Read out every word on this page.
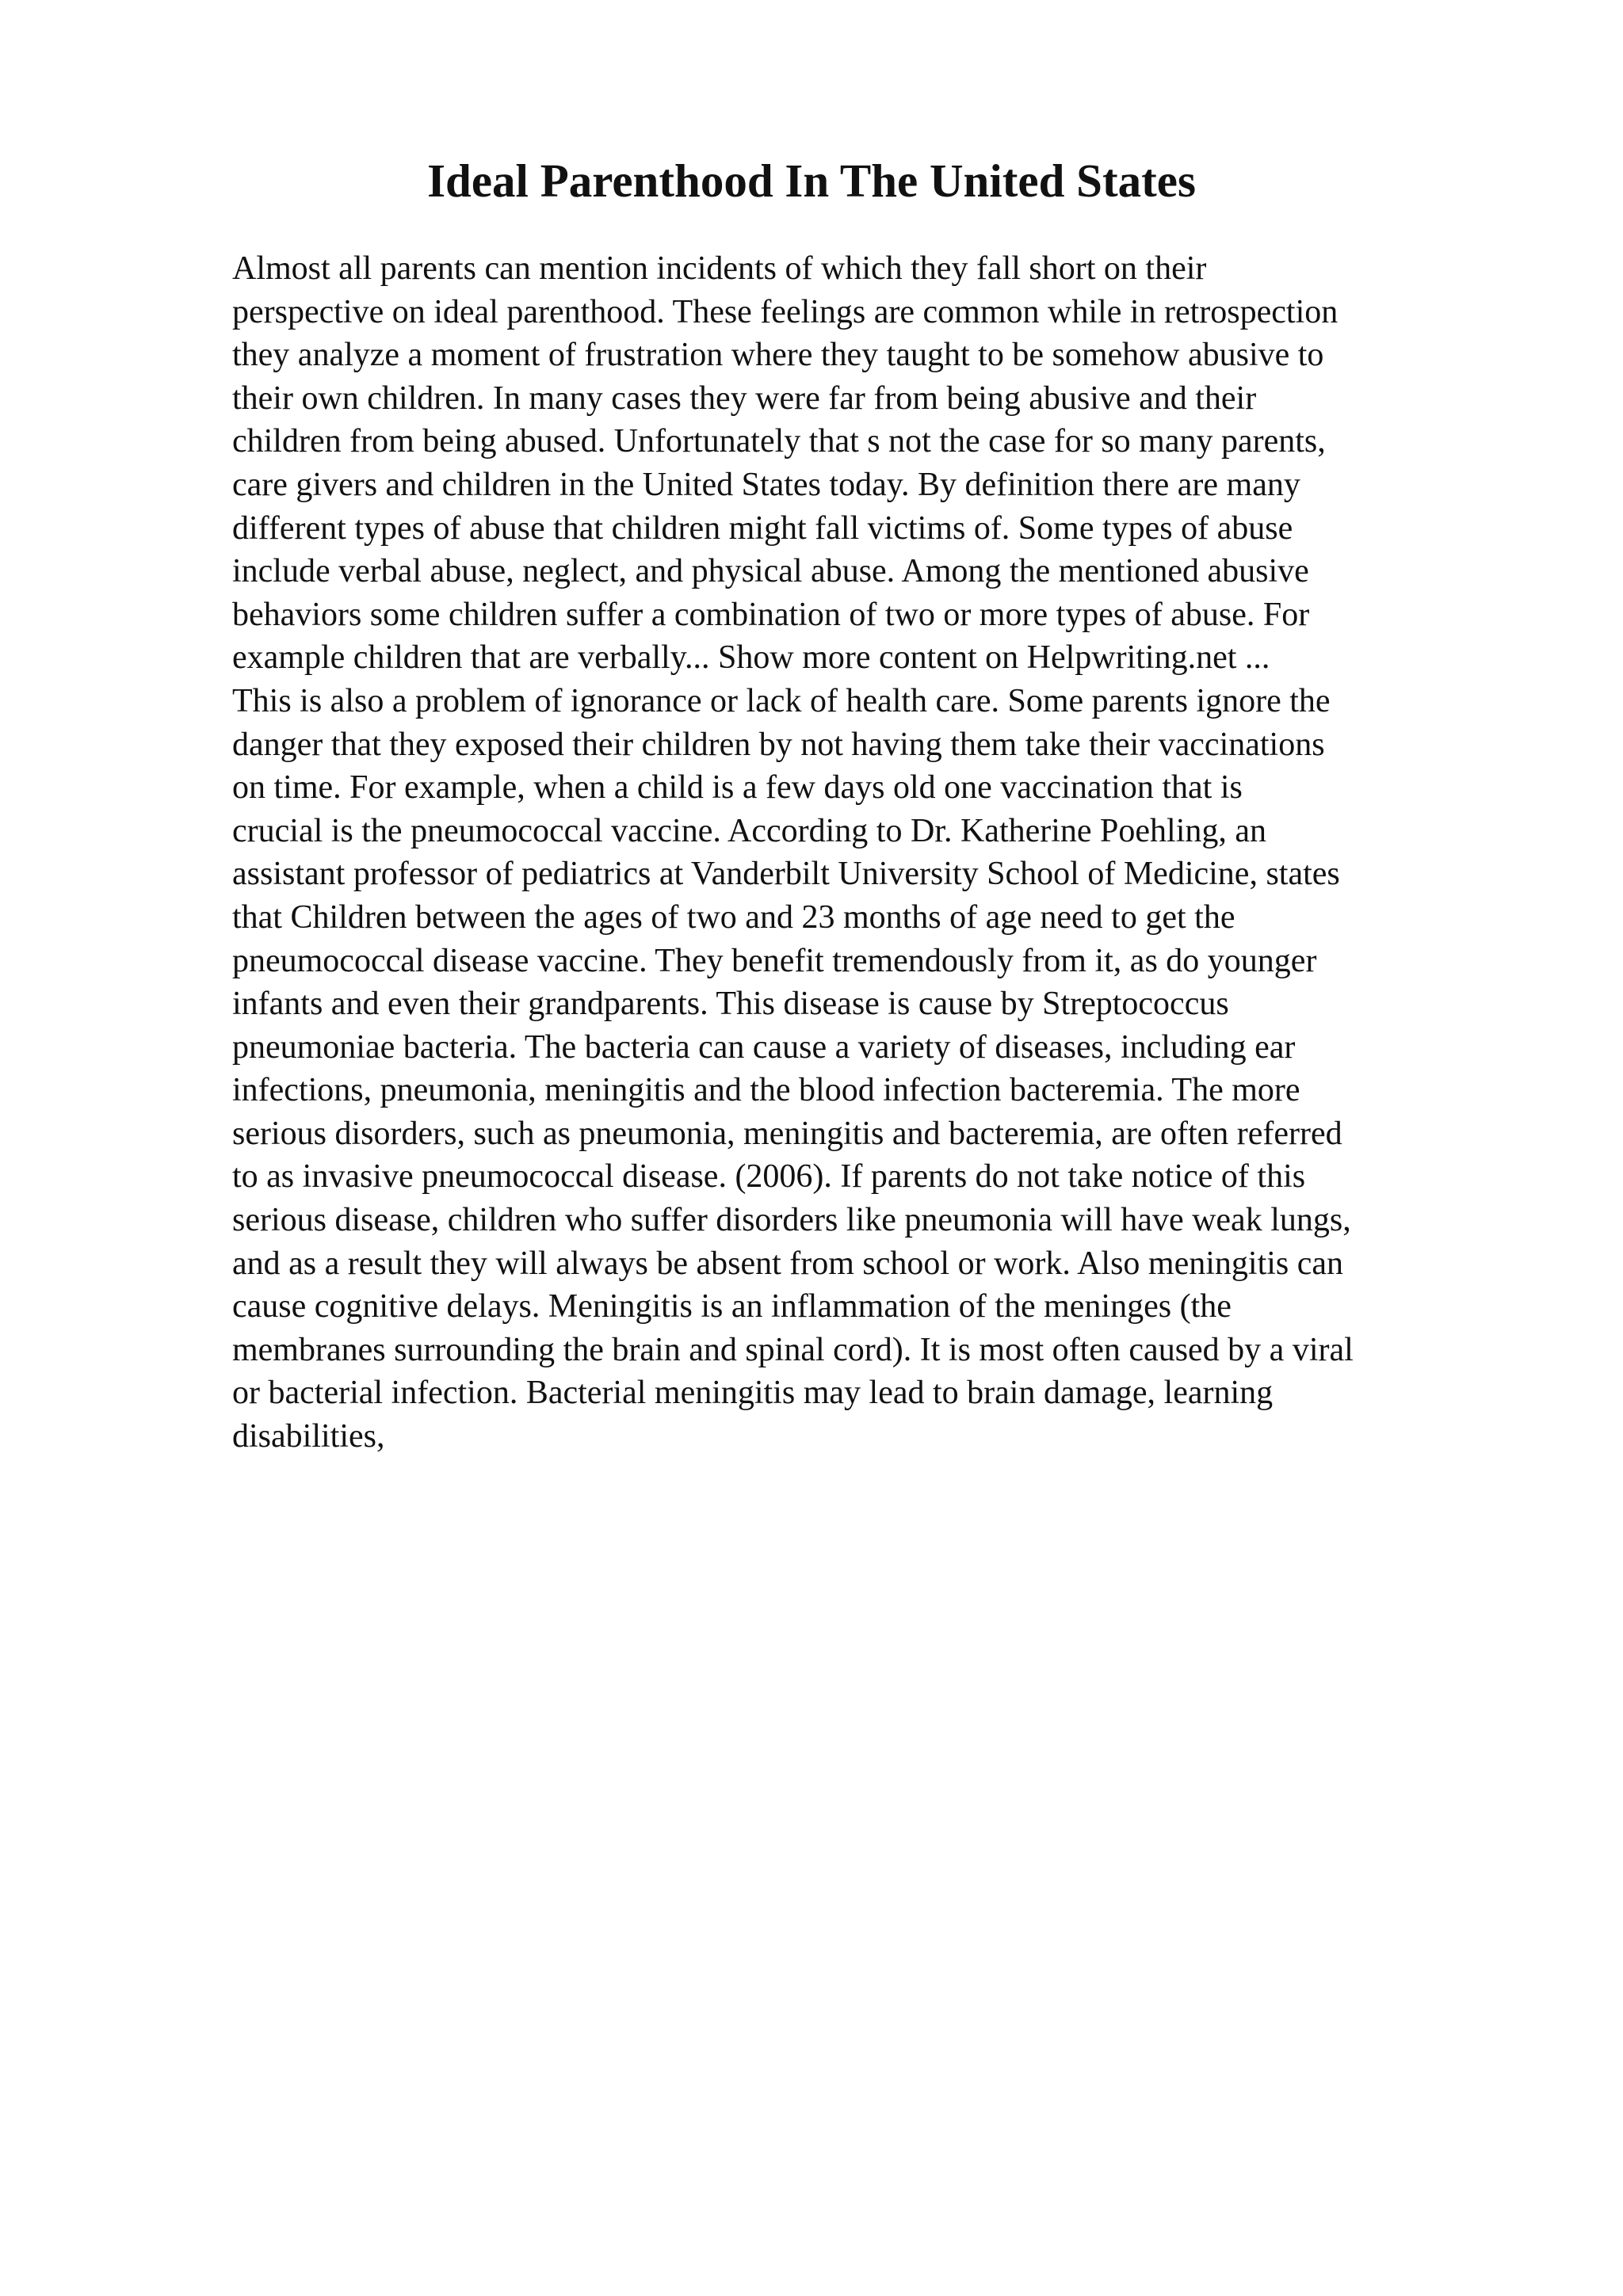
Ideal Parenthood In The United States
Almost all parents can mention incidents of which they fall short on their
perspective on ideal parenthood. These feelings are common while in retrospection
they analyze a moment of frustration where they taught to be somehow abusive to
their own children. In many cases they were far from being abusive and their
children from being abused. Unfortunately that s not the case for so many parents,
care givers and children in the United States today. By definition there are many
different types of abuse that children might fall victims of. Some types of abuse
include verbal abuse, neglect, and physical abuse. Among the mentioned abusive
behaviors some children suffer a combination of two or more types of abuse. For
example children that are verbally... Show more content on Helpwriting.net ...
This is also a problem of ignorance or lack of health care. Some parents ignore the
danger that they exposed their children by not having them take their vaccinations
on time. For example, when a child is a few days old one vaccination that is
crucial is the pneumococcal vaccine. According to Dr. Katherine Poehling, an
assistant professor of pediatrics at Vanderbilt University School of Medicine, states
that Children between the ages of two and 23 months of age need to get the
pneumococcal disease vaccine. They benefit tremendously from it, as do younger
infants and even their grandparents. This disease is cause by Streptococcus
pneumoniae bacteria. The bacteria can cause a variety of diseases, including ear
infections, pneumonia, meningitis and the blood infection bacteremia. The more
serious disorders, such as pneumonia, meningitis and bacteremia, are often referred
to as invasive pneumococcal disease. (2006). If parents do not take notice of this
serious disease, children who suffer disorders like pneumonia will have weak lungs,
and as a result they will always be absent from school or work. Also meningitis can
cause cognitive delays. Meningitis is an inflammation of the meninges (the
membranes surrounding the brain and spinal cord). It is most often caused by a viral
or bacterial infection. Bacterial meningitis may lead to brain damage, learning
disabilities,
